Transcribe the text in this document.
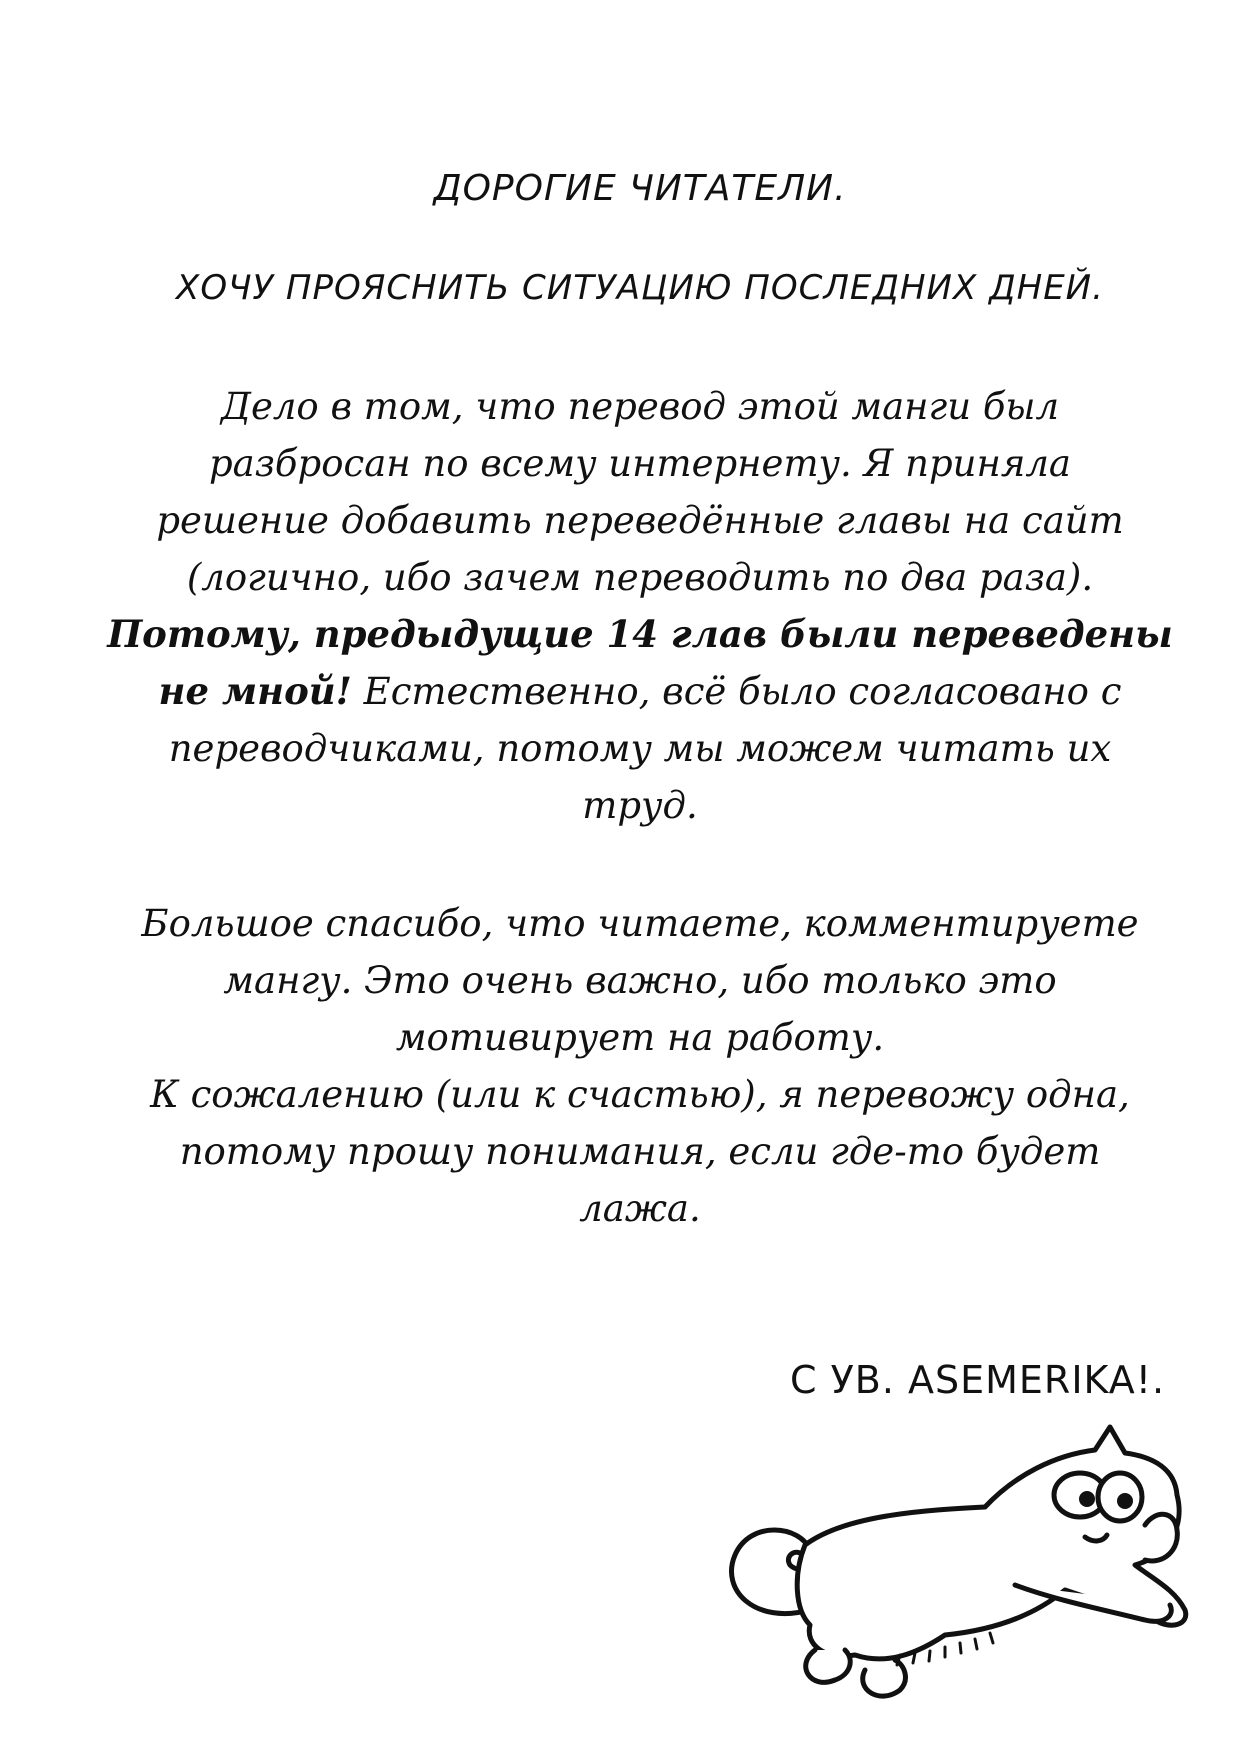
ДОРОГИЕ ЧИТАТЕЛИ.
ХОЧУ ПРОЯСНИТЬ СИТУАЦИЮ ПОСЛЕДНИХ ДНЕЙ.
Дело в том, что перевод этой манги был
разбросан по всему интернету. Я приняла
решение добавить переведённые главы на сайт
(логично, ибо зачем переводить по два раза).
Потому, предыдущие 14 глав были переведены
не мной! Естественно, всё было согласовано с
переводчиками, потому мы можем читать их
труд.
Большое спасибо, что читаете, комментируете
мангу. Это очень важно, ибо только это
мотивирует на работу.
К сожалению (или к счастью), я перевожу одна,
потому прошу понимания, если где-то будет
лажа.
С УВ. ASEMERIKA!.
